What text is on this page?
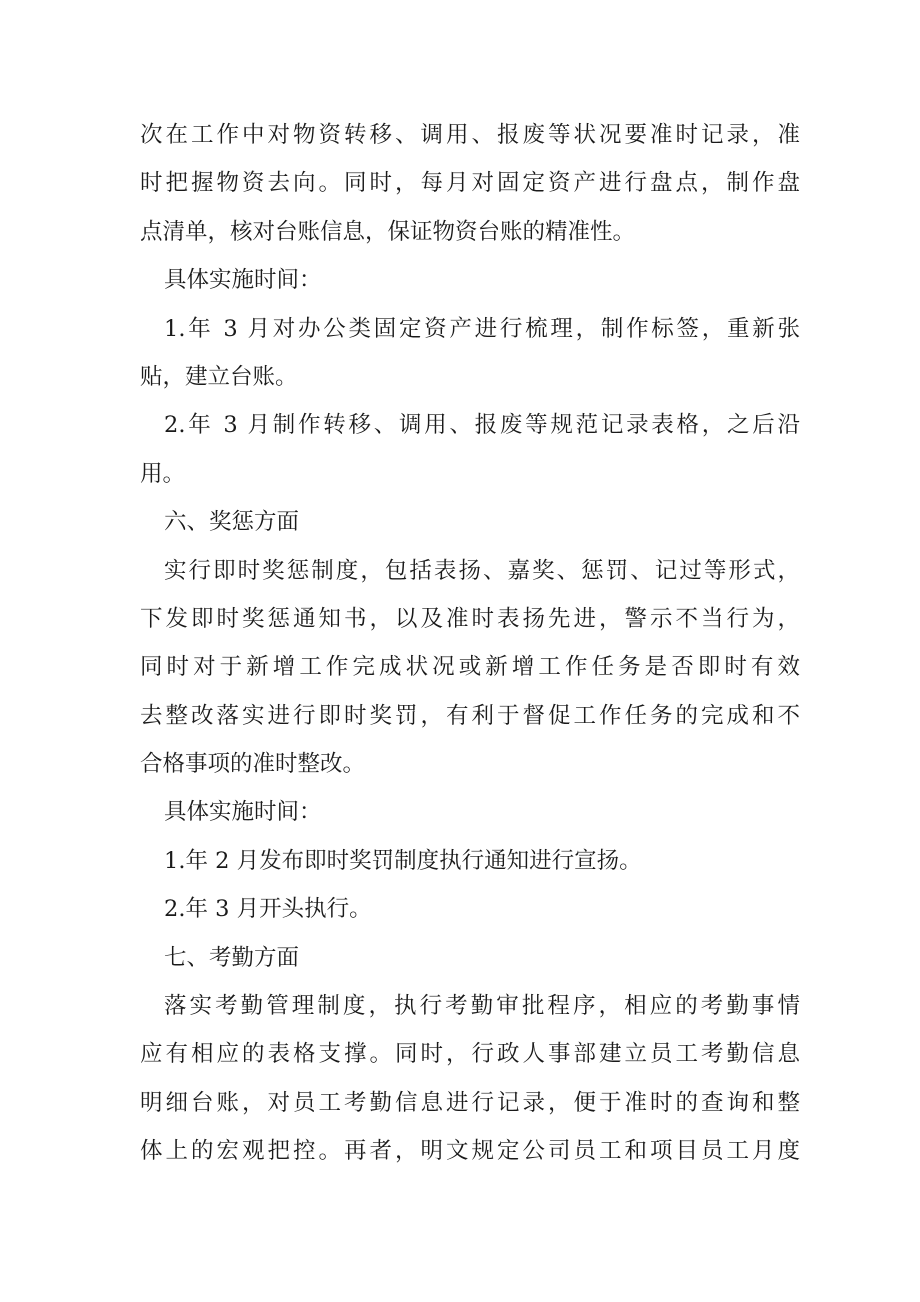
次在工作中对物资转移、调用、报废等状况要准时记录，准
时把握物资去向。同时，每月对固定资产进行盘点，制作盘
点清单，核对台账信息，保证物资台账的精准性。
具体实施时间：
1.年 3 月对办公类固定资产进行梳理，制作标签，重新张
贴，建立台账。
2.年 3 月制作转移、调用、报废等规范记录表格，之后沿
用。
六、奖惩方面
实行即时奖惩制度，包括表扬、嘉奖、惩罚、记过等形式，
下发即时奖惩通知书，以及准时表扬先进，警示不当行为，
同时对于新增工作完成状况或新增工作任务是否即时有效
去整改落实进行即时奖罚，有利于督促工作任务的完成和不
合格事项的准时整改。
具体实施时间：
1.年 2 月发布即时奖罚制度执行通知进行宣扬。
2.年 3 月开头执行。
七、考勤方面
落实考勤管理制度，执行考勤审批程序，相应的考勤事情
应有相应的表格支撑。同时，行政人事部建立员工考勤信息
明细台账，对员工考勤信息进行记录，便于准时的查询和整
体上的宏观把控。再者，明文规定公司员工和项目员工月度
